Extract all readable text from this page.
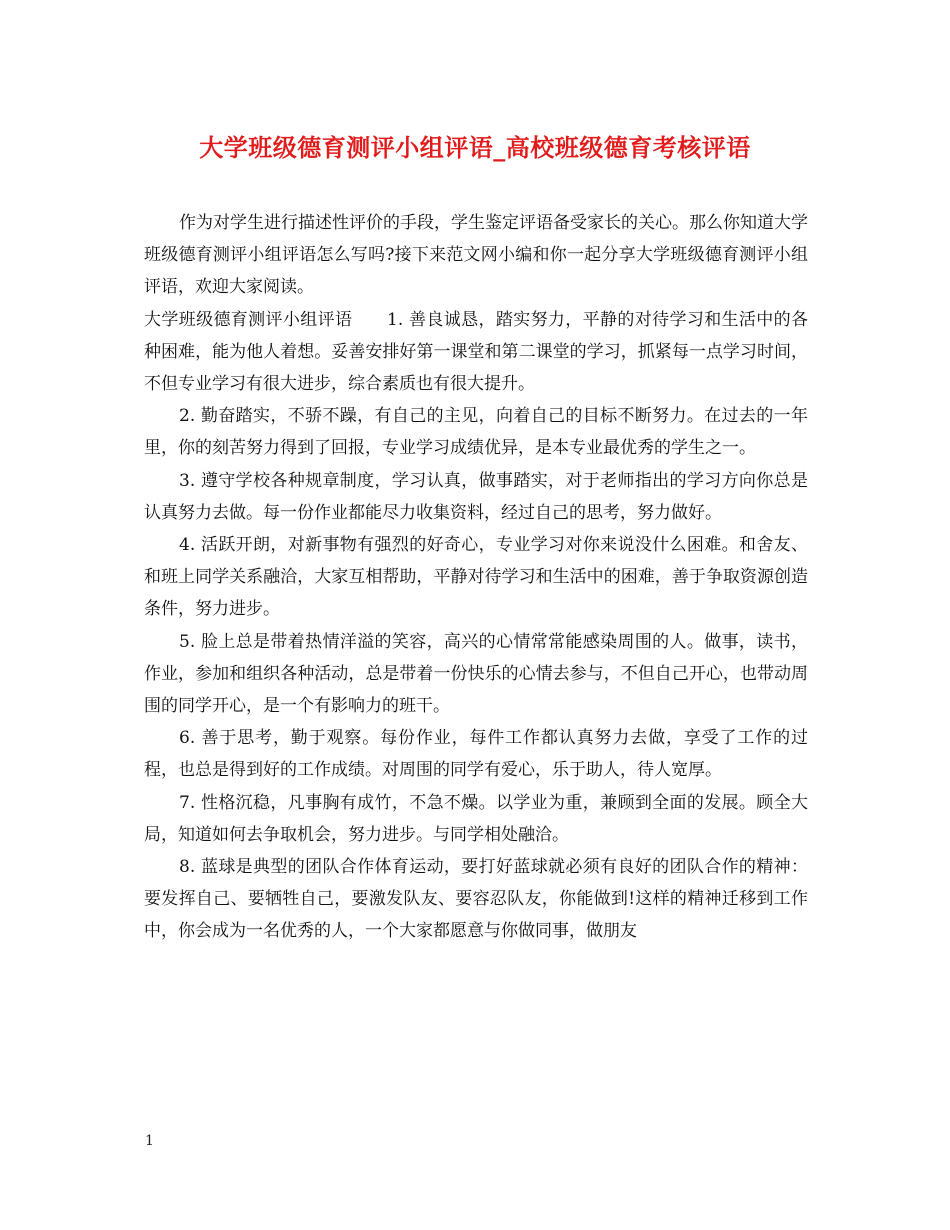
大学班级德育测评小组评语_高校班级德育考核评语

作为对学生进行描述性评价的手段，学生鉴定评语备受家长的关心。那么你知道大学班级德育测评小组评语怎么写吗?接下来范文网小编和你一起分享大学班级德育测评小组评语，欢迎大家阅读。

大学班级德育测评小组评语　　1. 善良诚恳，踏实努力，平静的对待学习和生活中的各种困难，能为他人着想。妥善安排好第一课堂和第二课堂的学习，抓紧每一点学习时间，不但专业学习有很大进步，综合素质也有很大提升。

2. 勤奋踏实，不骄不躁，有自己的主见，向着自己的目标不断努力。在过去的一年里，你的刻苦努力得到了回报，专业学习成绩优异，是本专业最优秀的学生之一。

3. 遵守学校各种规章制度，学习认真，做事踏实，对于老师指出的学习方向你总是认真努力去做。每一份作业都能尽力收集资料，经过自己的思考，努力做好。

4. 活跃开朗，对新事物有强烈的好奇心，专业学习对你来说没什么困难。和舍友、和班上同学关系融洽，大家互相帮助，平静对待学习和生活中的困难，善于争取资源创造条件，努力进步。

5. 脸上总是带着热情洋溢的笑容，高兴的心情常常能感染周围的人。做事，读书，作业，参加和组织各种活动，总是带着一份快乐的心情去参与，不但自己开心，也带动周围的同学开心，是一个有影响力的班干。

6. 善于思考，勤于观察。每份作业，每件工作都认真努力去做，享受了工作的过程，也总是得到好的工作成绩。对周围的同学有爱心，乐于助人，待人宽厚。

7. 性格沉稳，凡事胸有成竹，不急不燥。以学业为重，兼顾到全面的发展。顾全大局，知道如何去争取机会，努力进步。与同学相处融洽。

8. 蓝球是典型的团队合作体育运动，要打好蓝球就必须有良好的团队合作的精神：要发挥自己、要牺牲自己，要激发队友、要容忍队友，你能做到!这样的精神迁移到工作中，你会成为一名优秀的人，一个大家都愿意与你做同事，做朋友

1
